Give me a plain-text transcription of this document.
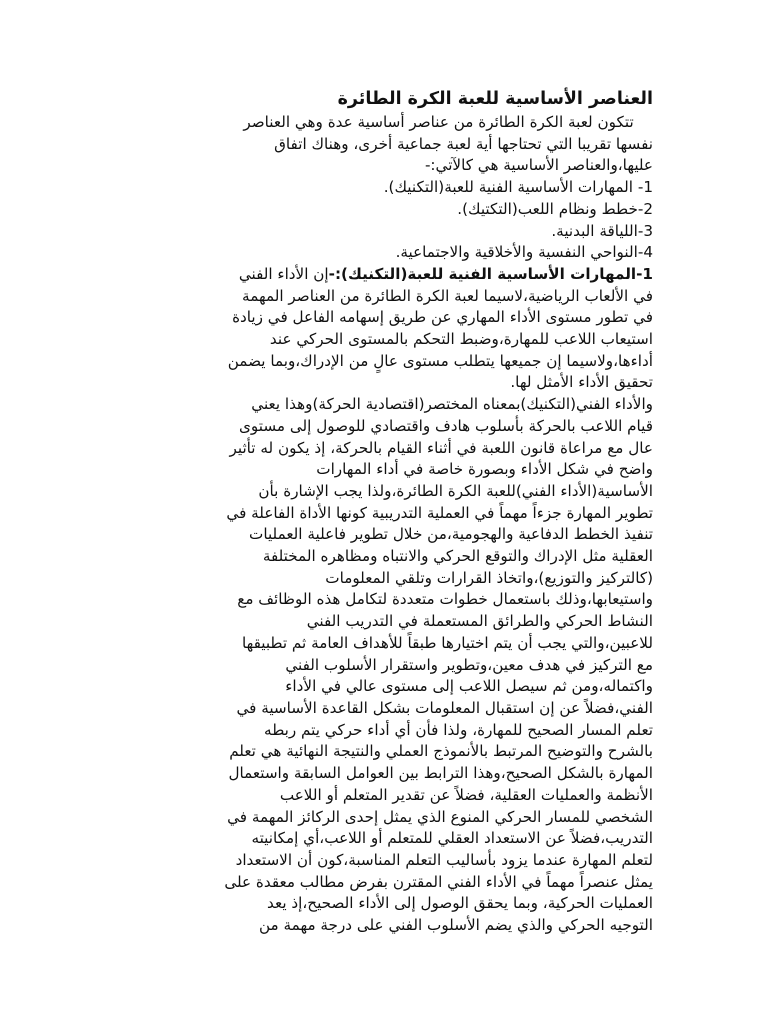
العناصر الأساسية للعبة الكرة الطائرة
تتكون لعبة الكرة الطائرة من عناصر أساسية عدة وهي العناصر
نفسها تقريبا التي تحتاجها أية لعبة جماعية أخرى، وهناك اتفاق
عليها،والعناصر الأساسية هي كالآتي:-
1- المهارات الأساسية الفنية للعبة(التكنيك).
2-خطط ونظام اللعب(التكتيك).
3-اللياقة البدنية.
4-النواحي النفسية والأخلاقية والاجتماعية.
1-المهارات الأساسية الفنية للعبة(التكنيك):-إن الأداء الفني
في الألعاب الرياضية،لاسيما لعبة الكرة الطائرة من العناصر المهمة
في تطور مستوى الأداء المهاري عن طريق إسهامه الفاعل في زيادة
استيعاب اللاعب للمهارة،وضبط التحكم بالمستوى الحركي عند
أداءها،ولاسيما إن جميعها يتطلب مستوى عالٍ من الإدراك،وبما يضمن
تحقيق الأداء الأمثل لها.
والأداء الفني(التكنيك)بمعناه المختصر(اقتصادية الحركة)وهذا يعني
قيام اللاعب بالحركة بأسلوب هادف واقتصادي للوصول إلى مستوى
عال مع مراعاة قانون اللعبة في أثناء القيام بالحركة، إذ يكون له تأثير
واضح في شكل الأداء وبصورة خاصة في أداء المهارات
الأساسية(الأداء الفني)للعبة الكرة الطائرة،ولذا يجب الإشارة بأن
تطوير المهارة جزءاً مهماً في العملية التدريبية كونها الأداة الفاعلة في
تنفيذ الخطط الدفاعية والهجومية،من خلال تطوير فاعلية العمليات
العقلية مثل الإدراك والتوقع الحركي والانتباه ومظاهره المختلفة
(كالتركيز والتوزيع)،واتخاذ القرارات وتلقي المعلومات
واستيعابها،وذلك باستعمال خطوات متعددة لتكامل هذه الوظائف مع
النشاط الحركي والطرائق المستعملة في التدريب الفني
للاعبين،والتي يجب أن يتم اختيارها طبقاً للأهداف العامة ثم تطبيقها
مع التركيز في هدف معين،وتطوير واستقرار الأسلوب الفني
واكتماله،ومن ثم سيصل اللاعب إلى مستوى عالي في الأداء
الفني،فضلاً عن إن استقبال المعلومات بشكل القاعدة الأساسية في
تعلم المسار الصحيح للمهارة، ولذا فأن أي أداء حركي يتم ربطه
بالشرح والتوضيح المرتبط بالأنموذج العملي والنتيجة النهائية هي تعلم
المهارة بالشكل الصحيح،وهذا الترابط بين العوامل السابقة واستعمال
الأنظمة والعمليات العقلية، فضلاً عن تقدير المتعلم أو اللاعب
الشخصي للمسار الحركي المنوع الذي يمثل إحدى الركائز المهمة في
التدريب،فضلاً عن الاستعداد العقلي للمتعلم أو اللاعب،أي إمكانيته
لتعلم المهارة عندما يزود بأساليب التعلم المناسبة،كون أن الاستعداد
يمثل عنصراً مهماً في الأداء الفني المقترن بفرض مطالب معقدة على
العمليات الحركية، وبما يحقق الوصول إلى الأداء الصحيح،إذ يعد
التوجيه الحركي والذي يضم الأسلوب الفني على درجة مهمة من
